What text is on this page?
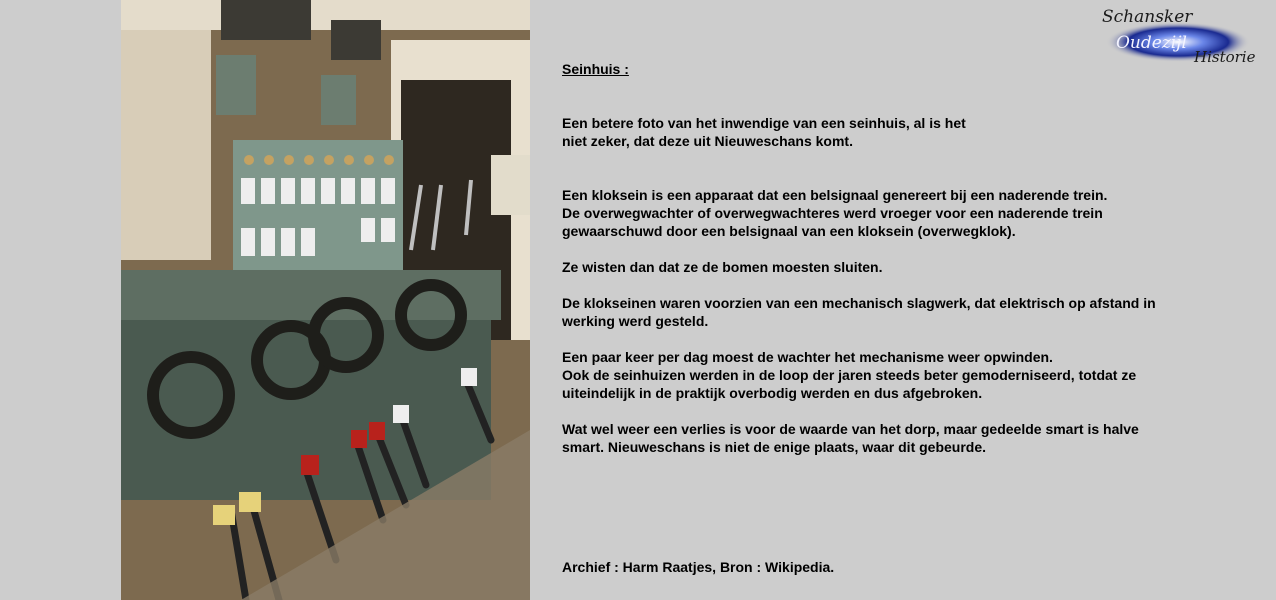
Schansker
Oudezijl
Historie

Seinhuis :

Een betere foto van het inwendige van een seinhuis, al is het
niet zeker, dat deze uit Nieuweschans komt.

Een kloksein is een apparaat dat een belsignaal genereert bij een naderende trein.
De overwegwachter of overwegwachteres werd vroeger voor een naderende trein
gewaarschuwd door een belsignaal van een kloksein (overwegklok).

Ze wisten dan dat ze de bomen moesten sluiten.

De klokseinen waren voorzien van een mechanisch slagwerk, dat elektrisch op afstand in
werking werd gesteld.

Een paar keer per dag moest de wachter het mechanisme weer opwinden.
Ook de seinhuizen werden in de loop der jaren steeds beter gemoderniseerd, totdat ze
uiteindelijk in de praktijk overbodig werden en dus afgebroken.

Wat wel weer een verlies is voor de waarde van het dorp, maar gedeelde smart is halve
smart. Nieuweschans is niet de enige plaats, waar dit gebeurde.

Archief : Harm Raatjes, Bron : Wikipedia.
